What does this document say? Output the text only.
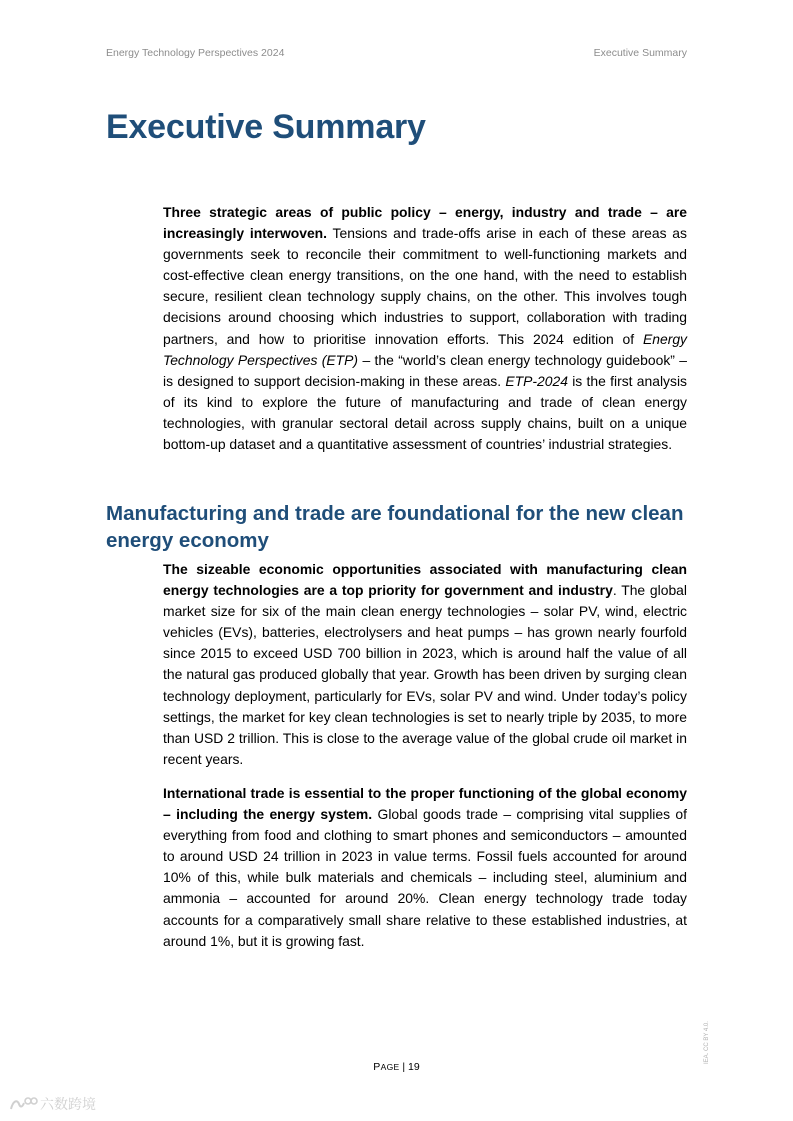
Energy Technology Perspectives 2024	Executive Summary
Executive Summary

Three strategic areas of public policy – energy, industry and trade – are increasingly interwoven. Tensions and trade-offs arise in each of these areas as governments seek to reconcile their commitment to well-functioning markets and cost-effective clean energy transitions, on the one hand, with the need to establish secure, resilient clean technology supply chains, on the other. This involves tough decisions around choosing which industries to support, collaboration with trading partners, and how to prioritise innovation efforts. This 2024 edition of Energy Technology Perspectives (ETP) – the “world’s clean energy technology guidebook” – is designed to support decision-making in these areas. ETP-2024 is the first analysis of its kind to explore the future of manufacturing and trade of clean energy technologies, with granular sectoral detail across supply chains, built on a unique bottom-up dataset and a quantitative assessment of countries’ industrial strategies.

Manufacturing and trade are foundational for the new clean energy economy

The sizeable economic opportunities associated with manufacturing clean energy technologies are a top priority for government and industry. The global market size for six of the main clean energy technologies – solar PV, wind, electric vehicles (EVs), batteries, electrolysers and heat pumps – has grown nearly fourfold since 2015 to exceed USD 700 billion in 2023, which is around half the value of all the natural gas produced globally that year. Growth has been driven by surging clean technology deployment, particularly for EVs, solar PV and wind. Under today’s policy settings, the market for key clean technologies is set to nearly triple by 2035, to more than USD 2 trillion. This is close to the average value of the global crude oil market in recent years.

International trade is essential to the proper functioning of the global economy – including the energy system. Global goods trade – comprising vital supplies of everything from food and clothing to smart phones and semiconductors – amounted to around USD 24 trillion in 2023 in value terms. Fossil fuels accounted for around 10% of this, while bulk materials and chemicals – including steel, aluminium and ammonia – accounted for around 20%. Clean energy technology trade today accounts for a comparatively small share relative to these established industries, at around 1%, but it is growing fast.

PAGE | 19
IEA. CC BY 4.0.
六数跨境
